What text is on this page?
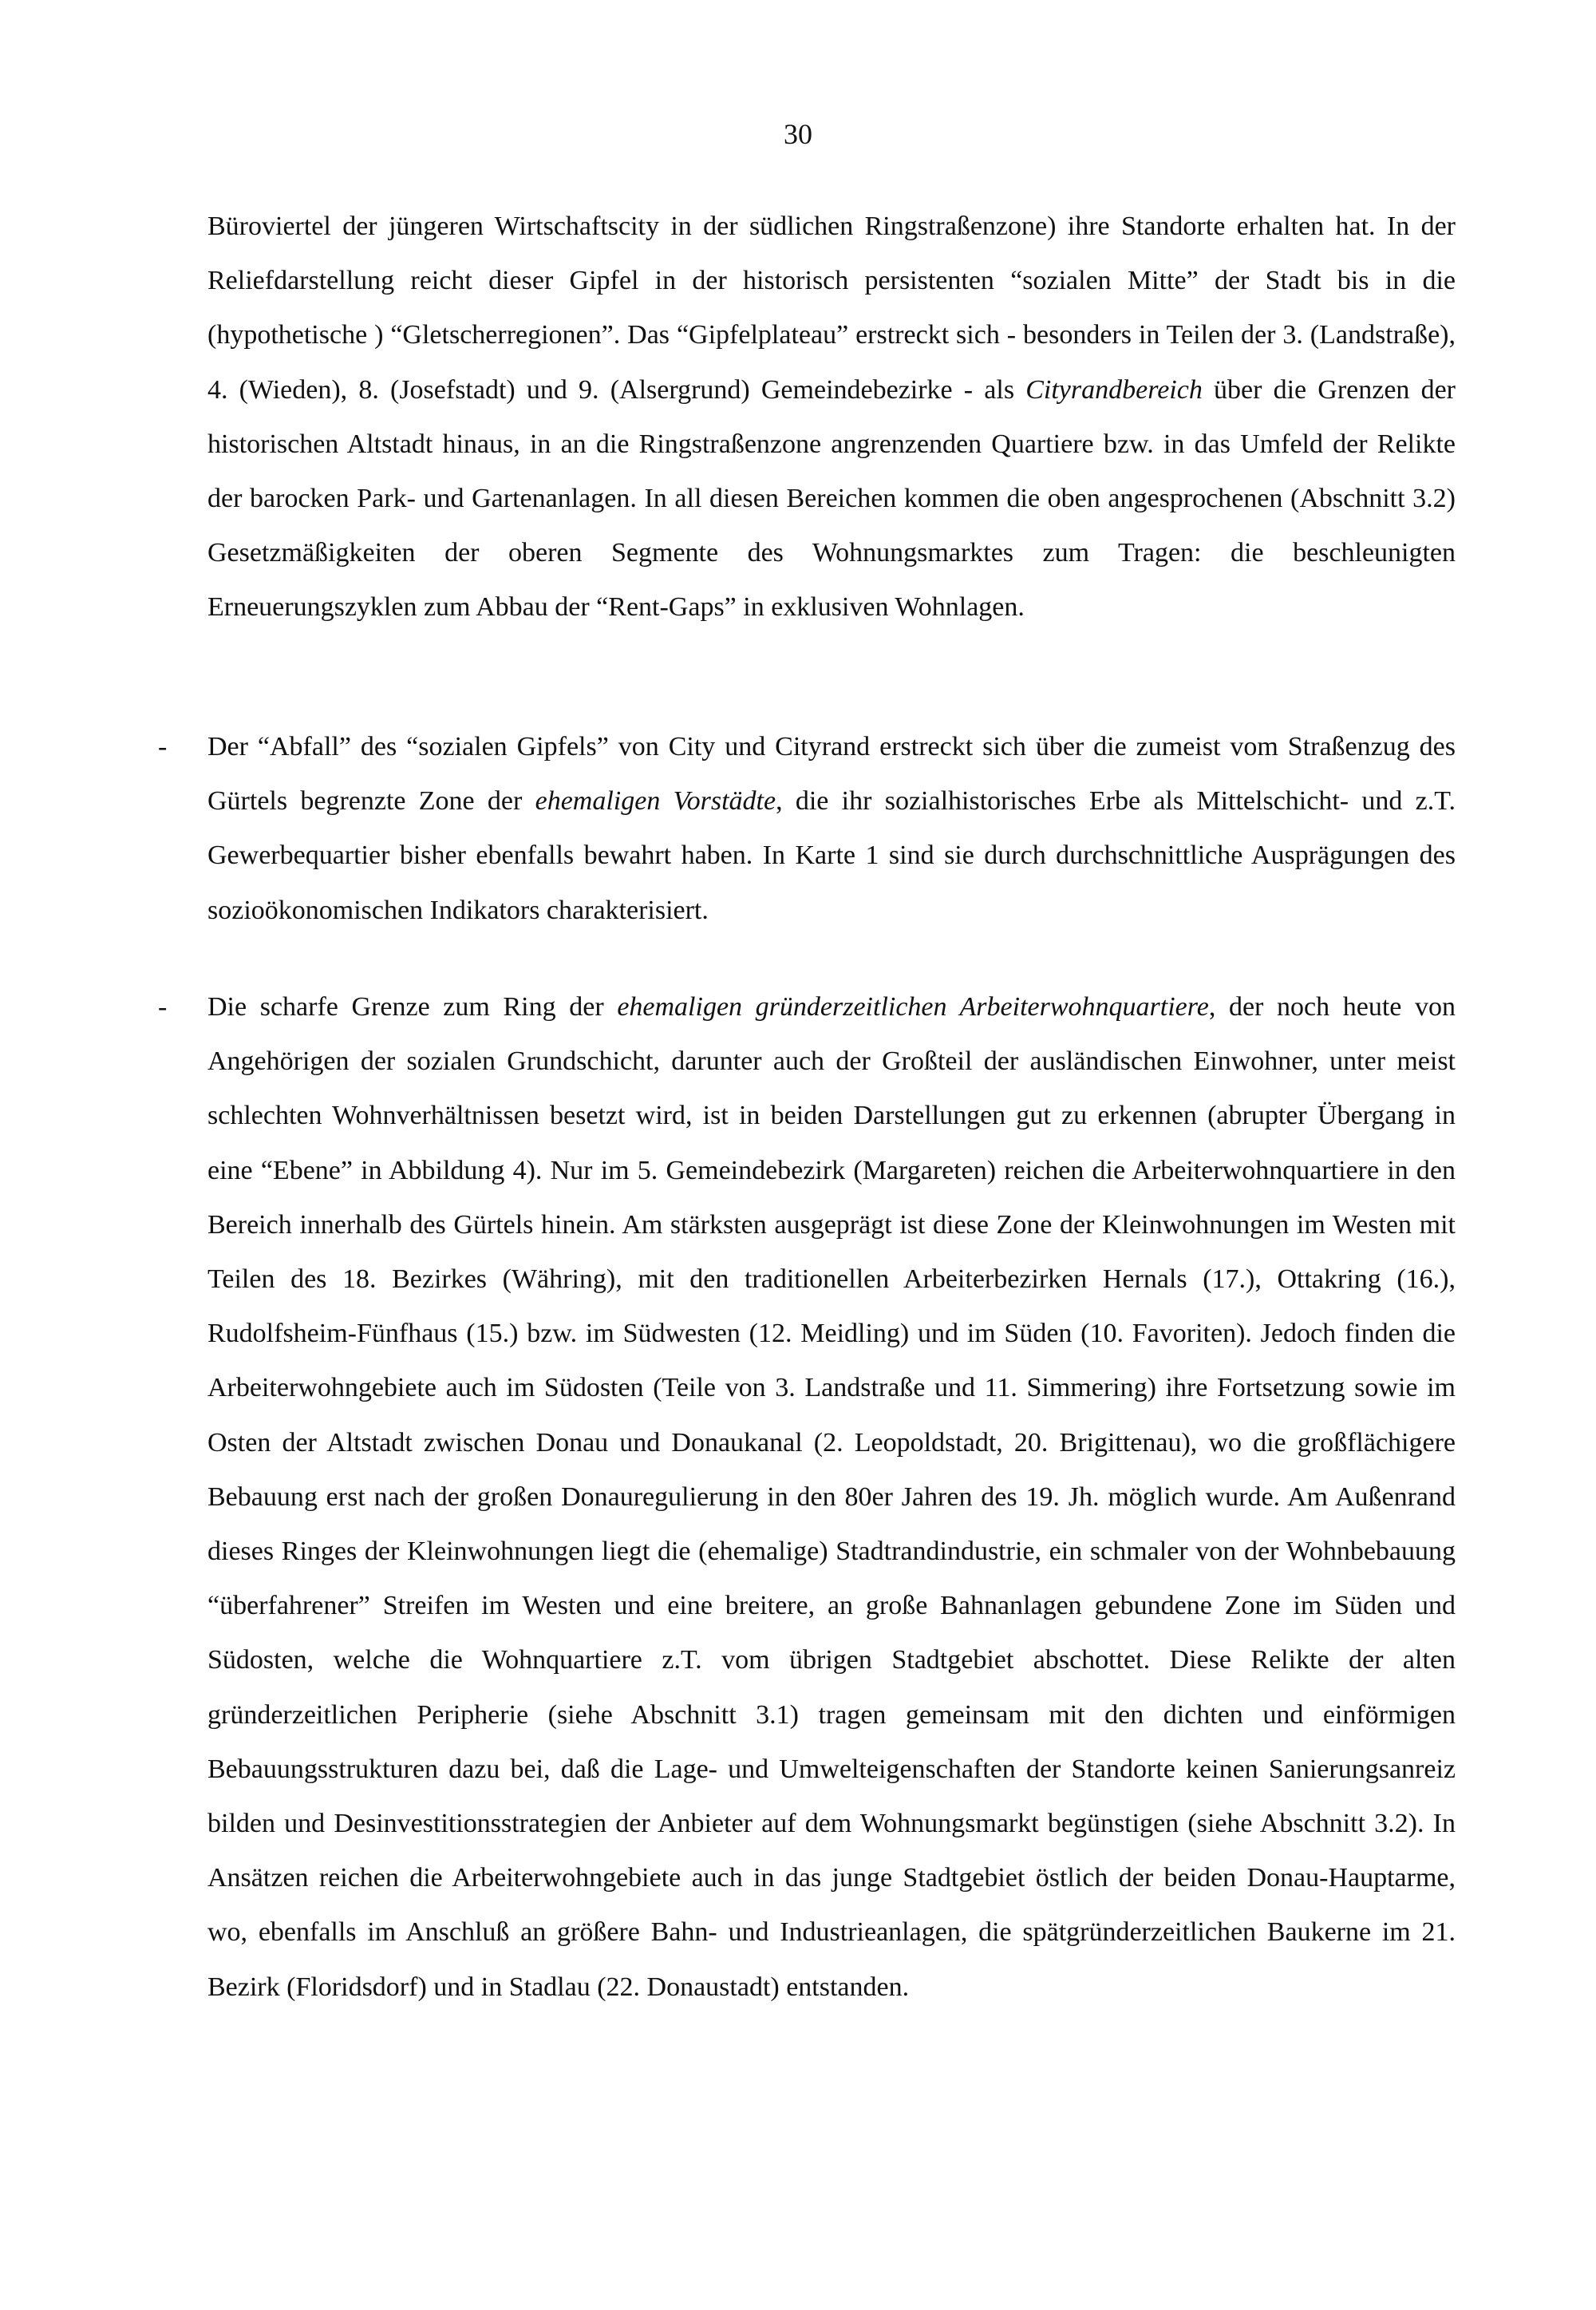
30

Büroviertel der jüngeren Wirtschaftscity in der südlichen Ringstraßenzone) ihre Standorte erhalten hat. In der Reliefdarstellung reicht dieser Gipfel in der historisch persistenten “sozialen Mitte” der Stadt bis in die (hypothetische ) “Gletscherregionen”. Das “Gipfelplateau” erstreckt sich - besonders in Teilen der 3. (Landstraße), 4. (Wieden), 8. (Josefstadt) und 9. (Alsergrund) Gemeindebezirke - als Cityrandbereich über die Grenzen der historischen Altstadt hinaus, in an die Ringstraßenzone angrenzenden Quartiere bzw. in das Umfeld der Relikte der barocken Park- und Gartenanlagen. In all diesen Bereichen kommen die oben angesprochenen (Abschnitt 3.2) Gesetzmäßigkeiten der oberen Segmente des Wohnungsmarktes zum Tragen: die beschleunigten Erneuerungszyklen zum Abbau der “Rent-Gaps” in exklusiven Wohnlagen.

- Der “Abfall” des “sozialen Gipfels” von City und Cityrand erstreckt sich über die zumeist vom Straßenzug des Gürtels begrenzte Zone der ehemaligen Vorstädte, die ihr sozialhistorisches Erbe als Mittelschicht- und z.T. Gewerbequartier bisher ebenfalls bewahrt haben. In Karte 1 sind sie durch durchschnittliche Ausprägungen des sozioökonomischen Indikators charakterisiert.

- Die scharfe Grenze zum Ring der ehemaligen gründerzeitlichen Arbeiterwohnquartiere, der noch heute von Angehörigen der sozialen Grundschicht, darunter auch der Großteil der ausländischen Einwohner, unter meist schlechten Wohnverhältnissen besetzt wird, ist in beiden Darstellungen gut zu erkennen (abrupter Übergang in eine “Ebene” in Abbildung 4). Nur im 5. Gemeindebezirk (Margareten) reichen die Arbeiterwohnquartiere in den Bereich innerhalb des Gürtels hinein. Am stärksten ausgeprägt ist diese Zone der Kleinwohnungen im Westen mit Teilen des 18. Bezirkes (Währing), mit den traditionellen Arbeiterbezirken Hernals (17.), Ottakring (16.), Rudolfsheim-Fünfhaus (15.) bzw. im Südwesten (12. Meidling) und im Süden (10. Favoriten). Jedoch finden die Arbeiterwohngebiete auch im Südosten (Teile von 3. Landstraße und 11. Simmering) ihre Fortsetzung sowie im Osten der Altstadt zwischen Donau und Donaukanal (2. Leopoldstadt, 20. Brigittenau), wo die großflächigere Bebauung erst nach der großen Donauregulierung in den 80er Jahren des 19. Jh. möglich wurde. Am Außenrand dieses Ringes der Kleinwohnungen liegt die (ehemalige) Stadtrandindustrie, ein schmaler von der Wohnbebauung “überfahrener” Streifen im Westen und eine breitere, an große Bahnanlagen gebundene Zone im Süden und Südosten, welche die Wohnquartiere z.T. vom übrigen Stadtgebiet abschottet. Diese Relikte der alten gründerzeitlichen Peripherie (siehe Abschnitt 3.1) tragen gemeinsam mit den dichten und einförmigen Bebauungsstrukturen dazu bei, daß die Lage- und Umwelteigenschaften der Standorte keinen Sanierungsanreiz bilden und Desinvestitionsstrategien der Anbieter auf dem Wohnungsmarkt begünstigen (siehe Abschnitt 3.2). In Ansätzen reichen die Arbeiterwohngebiete auch in das junge Stadtgebiet östlich der beiden Donau-Hauptarme, wo, ebenfalls im Anschluß an größere Bahn- und Industrieanlagen, die spätgründerzeitlichen Baukerne im 21. Bezirk (Floridsdorf) und in Stadlau (22. Donaustadt) entstanden.
